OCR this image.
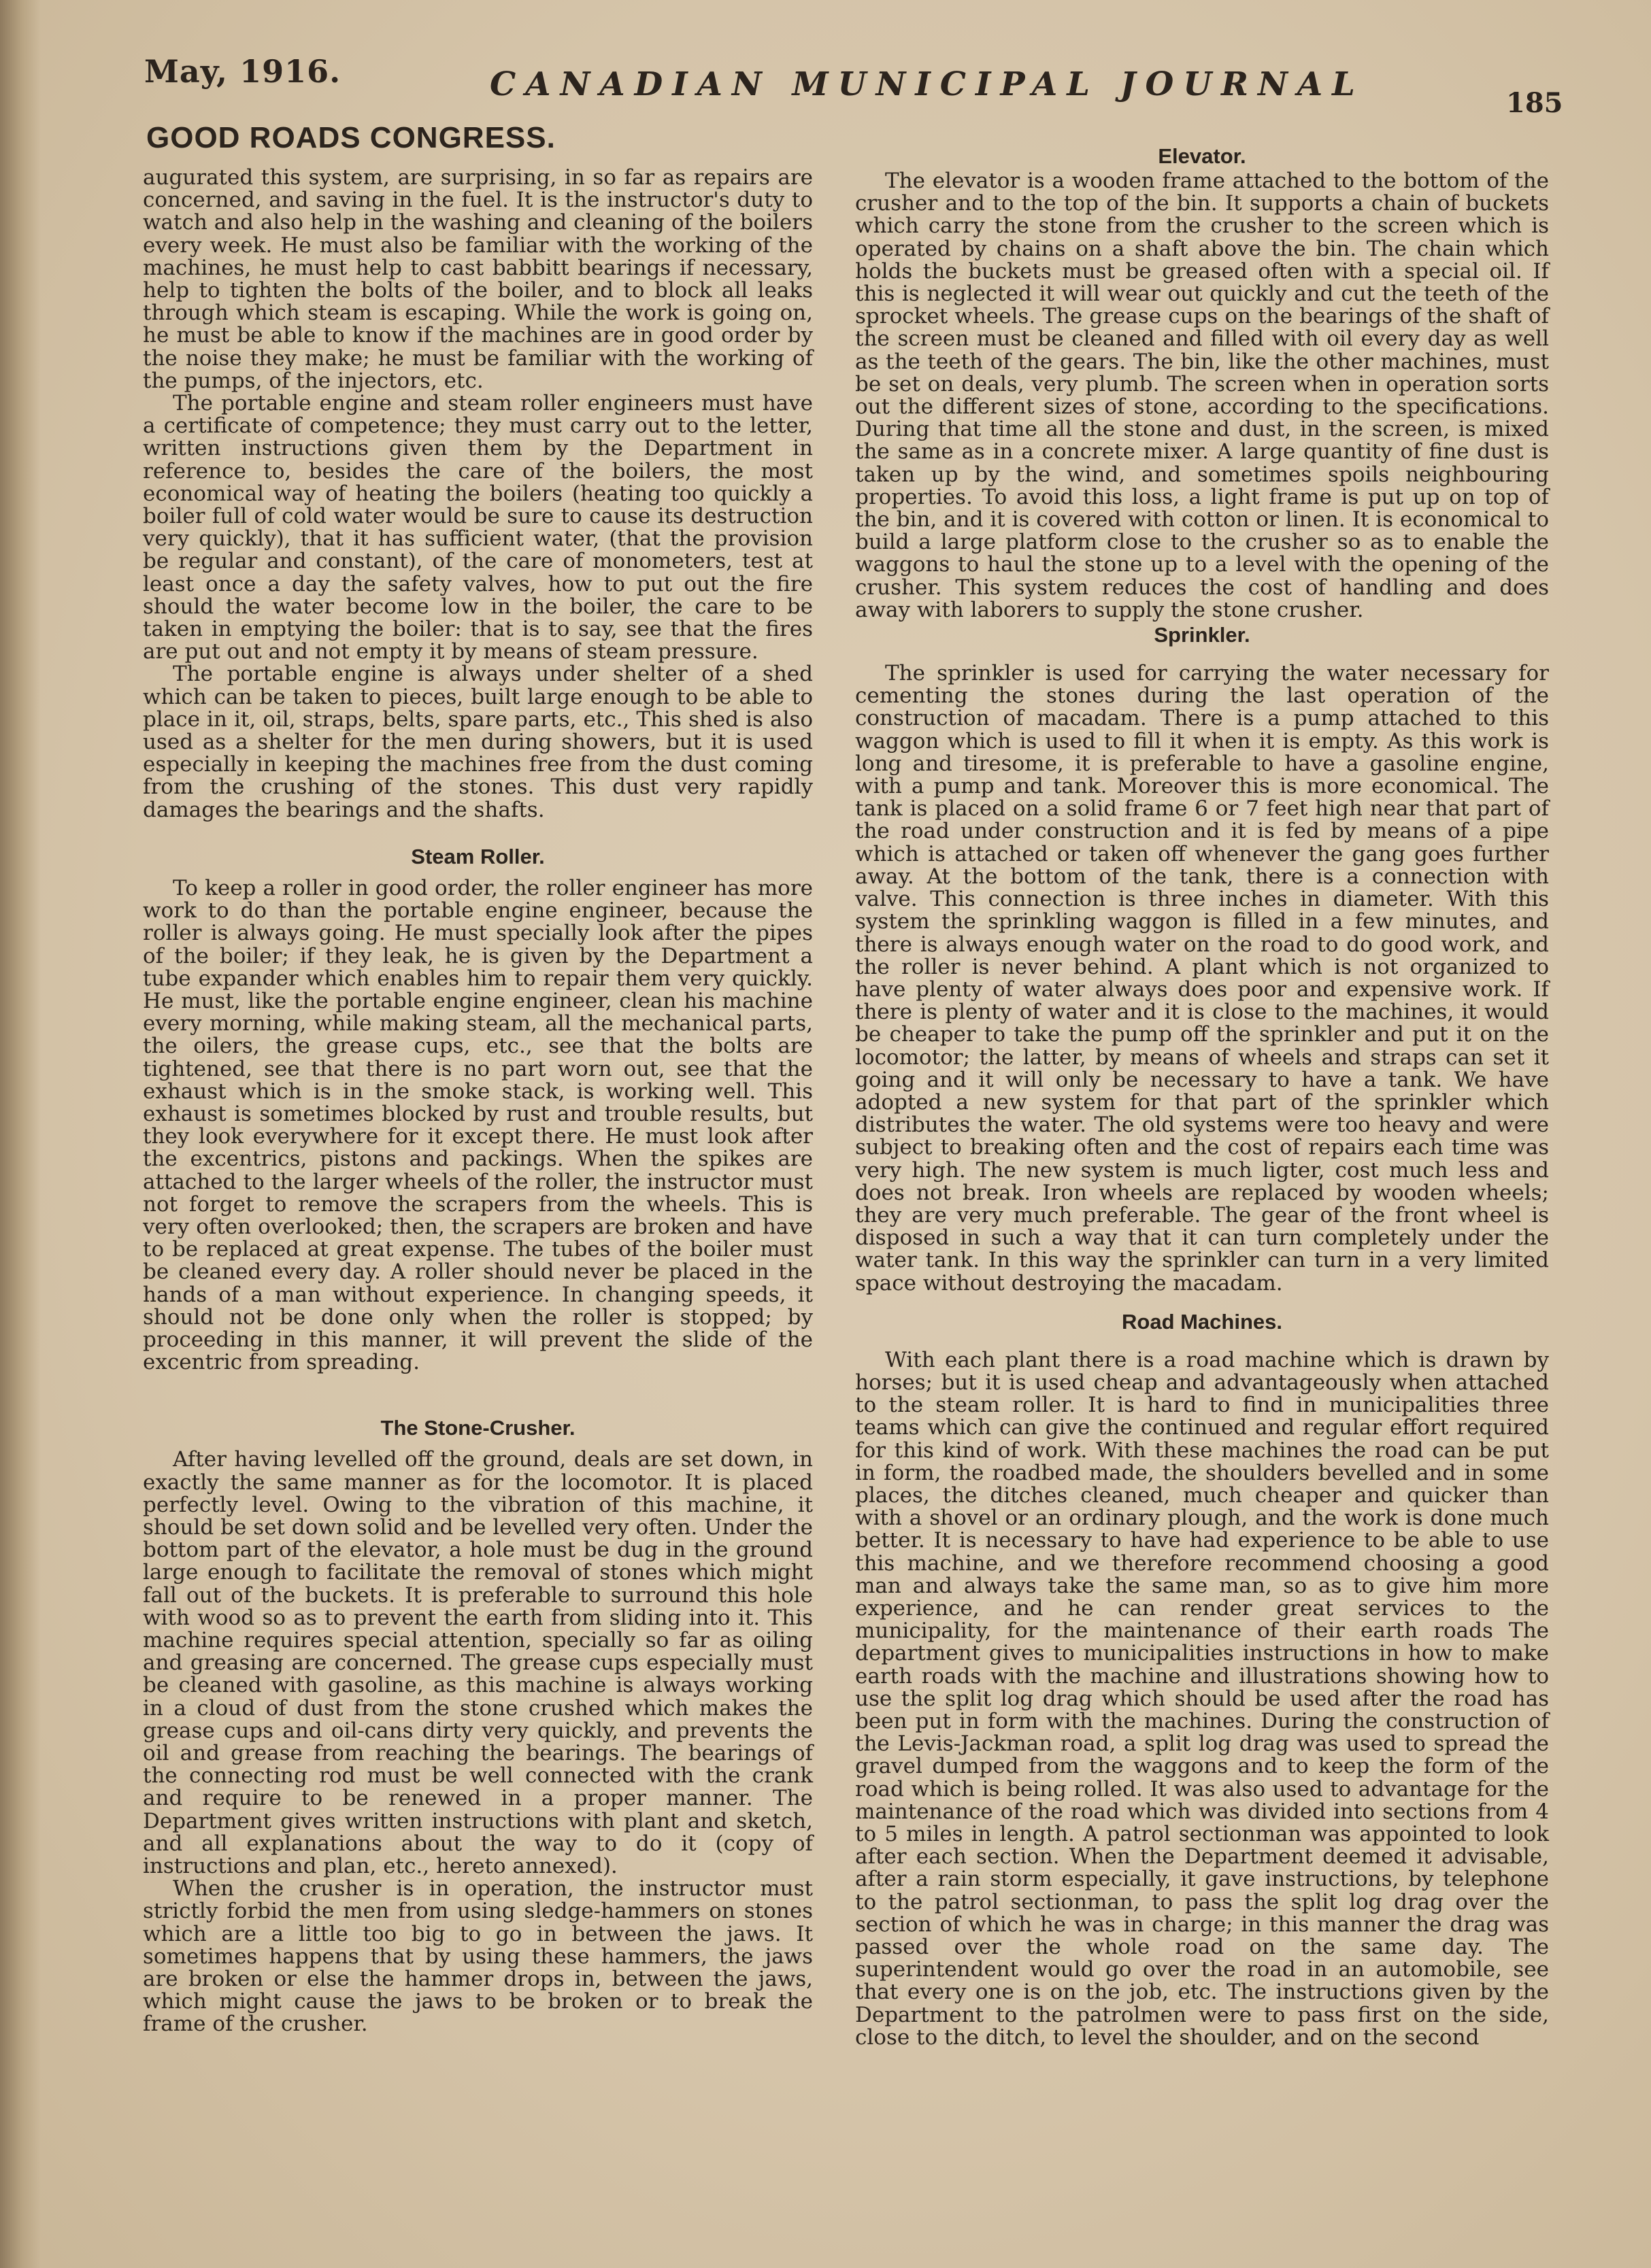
May, 1916.	CANADIAN MUNICIPAL JOURNAL	185
GOOD ROADS CONGRESS.

augurated this system, are surprising, in so far as repairs are concerned, and saving in the fuel. It is the instructor's duty to watch and also help in the washing and cleaning of the boilers every week. He must also be familiar with the working of the machines, he must help to cast babbitt bearings if necessary, help to tighten the bolts of the boiler, and to block all leaks through which steam is escaping. While the work is going on, he must be able to know if the machines are in good order by the noise they make; he must be familiar with the working of the pumps, of the injectors, etc.

The portable engine and steam roller engineers must have a certificate of competence; they must carry out to the letter, written instructions given them by the Department in reference to, besides the care of the boilers, the most economical way of heating the boilers (heating too quickly a boiler full of cold water would be sure to cause its destruction very quickly), that it has sufficient water, (that the provision be regular and constant), of the care of monometers, test at least once a day the safety valves, how to put out the fire should the water become low in the boiler, the care to be taken in emptying the boiler: that is to say, see that the fires are put out and not empty it by means of steam pressure.

The portable engine is always under shelter of a shed which can be taken to pieces, built large enough to be able to place in it, oil, straps, belts, spare parts, etc., This shed is also used as a shelter for the men during showers, but it is used especially in keeping the machines free from the dust coming from the crushing of the stones. This dust very rapidly damages the bearings and the shafts.

Steam Roller.

To keep a roller in good order, the roller engineer has more work to do than the portable engine engineer, because the roller is always going. He must specially look after the pipes of the boiler; if they leak, he is given by the Department a tube expander which enables him to repair them very quickly. He must, like the portable engine engineer, clean his machine every morning, while making steam, all the mechanical parts, the oilers, the grease cups, etc., see that the bolts are tightened, see that there is no part worn out, see that the exhaust which is in the smoke stack, is working well. This exhaust is sometimes blocked by rust and trouble results, but they look everywhere for it except there. He must look after the excentrics, pistons and packings. When the spikes are attached to the larger wheels of the roller, the instructor must not forget to remove the scrapers from the wheels. This is very often overlooked; then, the scrapers are broken and have to be replaced at great expense. The tubes of the boiler must be cleaned every day. A roller should never be placed in the hands of a man without experience. In changing speeds, it should not be done only when the roller is stopped; by proceeding in this manner, it will prevent the slide of the excentric from spreading.

The Stone-Crusher.

After having levelled off the ground, deals are set down, in exactly the same manner as for the locomotor. It is placed perfectly level. Owing to the vibration of this machine, it should be set down solid and be levelled very often. Under the bottom part of the elevator, a hole must be dug in the ground large enough to facilitate the removal of stones which might fall out of the buckets. It is preferable to surround this hole with wood so as to prevent the earth from sliding into it. This machine requires special attention, specially so far as oiling and greasing are concerned. The grease cups especially must be cleaned with gasoline, as this machine is always working in a cloud of dust from the stone crushed which makes the grease cups and oil-cans dirty very quickly, and prevents the oil and grease from reaching the bearings. The bearings of the connecting rod must be well connected with the crank and require to be renewed in a proper manner. The Department gives written instructions with plant and sketch, and all explanations about the way to do it (copy of instructions and plan, etc., hereto annexed).

When the crusher is in operation, the instructor must strictly forbid the men from using sledge-hammers on stones which are a little too big to go in between the jaws. It sometimes happens that by using these hammers, the jaws are broken or else the hammer drops in, between the jaws, which might cause the jaws to be broken or to break the frame of the crusher.

Elevator.

The elevator is a wooden frame attached to the bottom of the crusher and to the top of the bin. It supports a chain of buckets which carry the stone from the crusher to the screen which is operated by chains on a shaft above the bin. The chain which holds the buckets must be greased often with a special oil. If this is neglected it will wear out quickly and cut the teeth of the sprocket wheels. The grease cups on the bearings of the shaft of the screen must be cleaned and filled with oil every day as well as the teeth of the gears. The bin, like the other machines, must be set on deals, very plumb. The screen when in operation sorts out the different sizes of stone, according to the specifications. During that time all the stone and dust, in the screen, is mixed the same as in a concrete mixer. A large quantity of fine dust is taken up by the wind, and sometimes spoils neighbouring properties. To avoid this loss, a light frame is put up on top of the bin, and it is covered with cotton or linen. It is economical to build a large platform close to the crusher so as to enable the waggons to haul the stone up to a level with the opening of the crusher. This system reduces the cost of handling and does away with laborers to supply the stone crusher.

Sprinkler.

The sprinkler is used for carrying the water necessary for cementing the stones during the last operation of the construction of macadam. There is a pump attached to this waggon which is used to fill it when it is empty. As this work is long and tiresome, it is preferable to have a gasoline engine, with a pump and tank. Moreover this is more economical. The tank is placed on a solid frame 6 or 7 feet high near that part of the road under construction and it is fed by means of a pipe which is attached or taken off whenever the gang goes further away. At the bottom of the tank, there is a connection with valve. This connection is three inches in diameter. With this system the sprinkling waggon is filled in a few minutes, and there is always enough water on the road to do good work, and the roller is never behind. A plant which is not organized to have plenty of water always does poor and expensive work. If there is plenty of water and it is close to the machines, it would be cheaper to take the pump off the sprinkler and put it on the locomotor; the latter, by means of wheels and straps can set it going and it will only be necessary to have a tank. We have adopted a new system for that part of the sprinkler which distributes the water. The old systems were too heavy and were subject to breaking often and the cost of repairs each time was very high. The new system is much ligter, cost much less and does not break. Iron wheels are replaced by wooden wheels; they are very much preferable. The gear of the front wheel is disposed in such a way that it can turn completely under the water tank. In this way the sprinkler can turn in a very limited space without destroying the macadam.

Road Machines.

With each plant there is a road machine which is drawn by horses; but it is used cheap and advantageously when attached to the steam roller. It is hard to find in municipalities three teams which can give the continued and regular effort required for this kind of work. With these machines the road can be put in form, the roadbed made, the shoulders bevelled and in some places, the ditches cleaned, much cheaper and quicker than with a shovel or an ordinary plough, and the work is done much better. It is necessary to have had experience to be able to use this machine, and we therefore recommend choosing a good man and always take the same man, so as to give him more experience, and he can render great services to the municipality, for the maintenance of their earth roads The department gives to municipalities instructions in how to make earth roads with the machine and illustrations showing how to use the split log drag which should be used after the road has been put in form with the machines. During the construction of the Levis-Jackman road, a split log drag was used to spread the gravel dumped from the waggons and to keep the form of the road which is being rolled. It was also used to advantage for the maintenance of the road which was divided into sections from 4 to 5 miles in length. A patrol sectionman was appointed to look after each section. When the Department deemed it advisable, after a rain storm especially, it gave instructions, by telephone to the patrol sectionman, to pass the split log drag over the section of which he was in charge; in this manner the drag was passed over the whole road on the same day. The superintendent would go over the road in an automobile, see that every one is on the job, etc. The instructions given by the Department to the patrolmen were to pass first on the side, close to the ditch, to level the shoulder, and on the second
